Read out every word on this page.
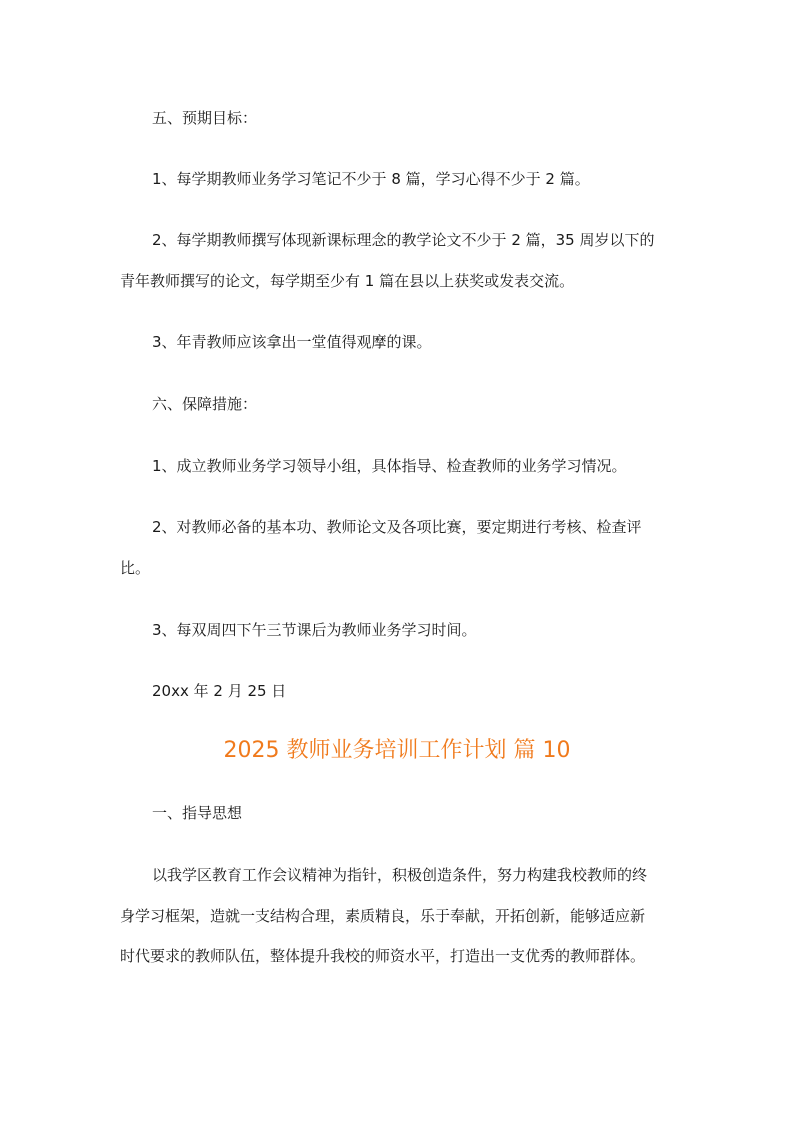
五、预期目标：
1、每学期教师业务学习笔记不少于 8 篇，学习心得不少于 2 篇。
2、每学期教师撰写体现新课标理念的教学论文不少于 2 篇，35 周岁以下的
青年教师撰写的论文，每学期至少有 1 篇在县以上获奖或发表交流。
3、年青教师应该拿出一堂值得观摩的课。
六、保障措施：
1、成立教师业务学习领导小组，具体指导、检查教师的业务学习情况。
2、对教师必备的基本功、教师论文及各项比赛，要定期进行考核、检查评
比。
3、每双周四下午三节课后为教师业务学习时间。
20xx 年 2 月 25 日
2025 教师业务培训工作计划 篇 10
一、指导思想
以我学区教育工作会议精神为指针，积极创造条件，努力构建我校教师的终
身学习框架，造就一支结构合理，素质精良，乐于奉献，开拓创新，能够适应新
时代要求的教师队伍，整体提升我校的师资水平，打造出一支优秀的教师群体。
